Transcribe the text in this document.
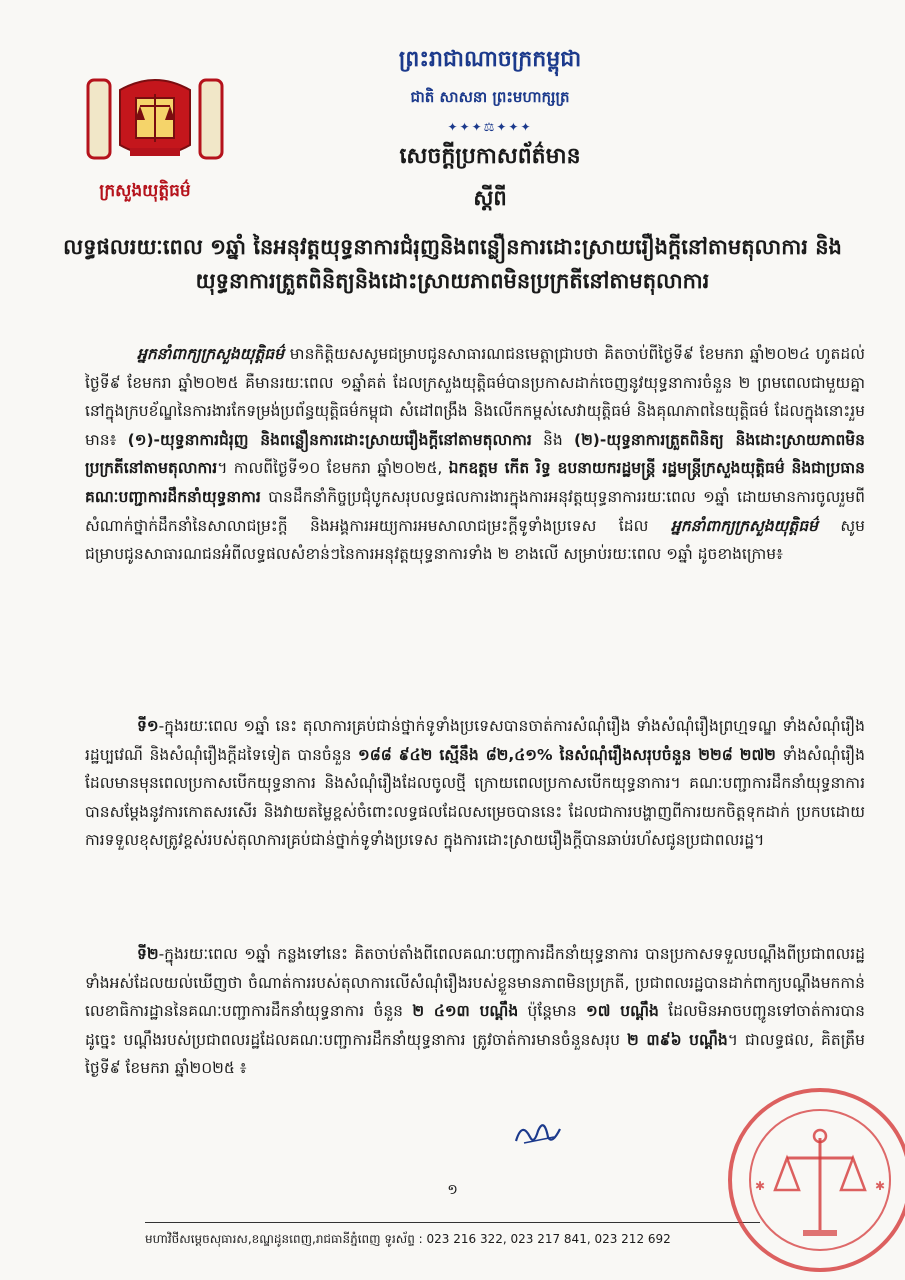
ក្រសួងយុត្តិធម៌
ព្រះរាជាណាចក្រកម្ពុជា
ជាតិ សាសនា ព្រះមហាក្សត្រ
✦✦✦⚖✦✦✦
សេចក្តីប្រកាសព័ត៌មាន
ស្តីពី
លទ្ធផលរយៈពេល ១ឆ្នាំ នៃអនុវត្តយុទ្ធនាការជំរុញនិងពន្លឿនការដោះស្រាយរឿងក្តីនៅតាមតុលាការ និងយុទ្ធនាការត្រួតពិនិត្យនិងដោះស្រាយភាពមិនប្រក្រតីនៅតាមតុលាការ
អ្នកនាំពាក្យក្រសួងយុត្តិធម៌ មានកិត្តិយសសូមជម្រាបជូនសាធារណជនមេត្តាជ្រាបថា គិតចាប់ពីថ្ងៃទី៩ ខែមករា ឆ្នាំ២០២៤ ហូតដល់ថ្ងៃទី៩ ខែមករា ឆ្នាំ២០២៥ គឺមានរយៈពេល ១ឆ្នាំគត់ ដែលក្រសួងយុត្តិធម៌បានប្រកាសដាក់ចេញនូវយុទ្ធនាការចំនួន ២ ព្រមពេលជាមួយគ្នា នៅក្នុងក្របខ័ណ្ឌនៃការងារកែទម្រង់ប្រព័ន្ធយុត្តិធម៌កម្ពុជា សំដៅពង្រឹង និងលើកកម្ពស់សេវាយុត្តិធម៌ និងគុណភាពនៃយុត្តិធម៌ ដែលក្នុងនោះរួមមាន៖ (១)-យុទ្ធនាការជំរុញ និងពន្លឿនការដោះស្រាយរឿងក្តីនៅតាមតុលាការ និង (២)-យុទ្ធនាការត្រួតពិនិត្យ និងដោះស្រាយភាពមិនប្រក្រតីនៅតាមតុលាការ។ កាលពីថ្ងៃទី១០ ខែមករា ឆ្នាំ២០២៥, ឯកឧត្តម កើត រិទ្ធ ឧបនាយករដ្ឋមន្ត្រី រដ្ឋមន្ត្រីក្រសួងយុត្តិធម៌ និងជាប្រធានគណៈបញ្ជាការដឹកនាំយុទ្ធនាការ បានដឹកនាំកិច្ចប្រជុំបូកសរុបលទ្ធផលការងារក្នុងការអនុវត្តយុទ្ធនាការរយៈពេល ១ឆ្នាំ ដោយមានការចូលរួមពីសំណាក់ថ្នាក់ដឹកនាំនៃសាលាជម្រះក្តី និងអង្គការអយ្យការអមសាលាជម្រះក្តីទូទាំងប្រទេស ដែល អ្នកនាំពាក្យក្រសួងយុត្តិធម៌ សូមជម្រាបជូនសាធារណជនអំពីលទ្ធផលសំខាន់ៗនៃការអនុវត្តយុទ្ធនាការទាំង ២ ខាងលើ សម្រាប់រយៈពេល ១ឆ្នាំ ដូចខាងក្រោម៖
ទី១-ក្នុងរយៈពេល ១ឆ្នាំ នេះ តុលាការគ្រប់ជាន់ថ្នាក់ទូទាំងប្រទេសបានចាត់ការសំណុំរឿង ទាំងសំណុំរឿងព្រហ្មទណ្ឌ ទាំងសំណុំរឿងរដ្ឋប្បវេណី និងសំណុំរឿងក្តីដទៃទៀត បានចំនួន ១៨៨ ៩៤២ ស្មើនឹង ៨២,៤១% នៃសំណុំរឿងសរុបចំនួន ២២៨ ២៧២ ទាំងសំណុំរឿងដែលមានមុនពេលប្រកាសបើកយុទ្ធនាការ និងសំណុំរឿងដែលចូលថ្មី ក្រោយពេលប្រកាសបើកយុទ្ធនាការ។ គណៈបញ្ជាការដឹកនាំយុទ្ធនាការ បានសម្តែងនូវការកោតសរសើរ និងវាយតម្លៃខ្ពស់ចំពោះលទ្ធផលដែលសម្រេចបាននេះ ដែលជាការបង្ហាញពីការយកចិត្តទុកដាក់ ប្រកបដោយការទទួលខុសត្រូវខ្ពស់របស់តុលាការគ្រប់ជាន់ថ្នាក់ទូទាំងប្រទេស ក្នុងការដោះស្រាយរឿងក្តីបានឆាប់រហ័សជូនប្រជាពលរដ្ឋ។
ទី២-ក្នុងរយៈពេល ១ឆ្នាំ កន្លងទៅនេះ គិតចាប់តាំងពីពេលគណៈបញ្ជាការដឹកនាំយុទ្ធនាការ បានប្រកាសទទួលបណ្តឹងពីប្រជាពលរដ្ឋទាំងអស់ដែលយល់ឃើញថា ចំណាត់ការរបស់តុលាការលើសំណុំរឿងរបស់ខ្លួនមានភាពមិនប្រក្រតី, ប្រជាពលរដ្ឋបានដាក់ពាក្យបណ្តឹងមកកាន់លេខាធិការដ្ឋាននៃគណៈបញ្ជាការដឹកនាំយុទ្ធនាការ ចំនួន ២ ៤១៣ បណ្តឹង ប៉ុន្តែមាន ១៧ បណ្តឹង ដែលមិនអាចបញ្ជូនទៅចាត់ការបាន ដូច្នេះ បណ្តឹងរបស់ប្រជាពលរដ្ឋដែលគណៈបញ្ជាការដឹកនាំយុទ្ធនាការ ត្រូវចាត់ការមានចំនួនសរុប ២ ៣៩៦ បណ្តឹង។ ជាលទ្ធផល, គិតត្រឹមថ្ងៃទី៩ ខែមករា ឆ្នាំ២០២៥ ៖
១
មហាវិថីសម្តេចសុធារស,ខណ្ឌដូនពេញ,រាជធានីភ្នំពេញ ទូរស័ព្ទ : 023 216 322, 023 217 841, 023 212 692
✱	✱
